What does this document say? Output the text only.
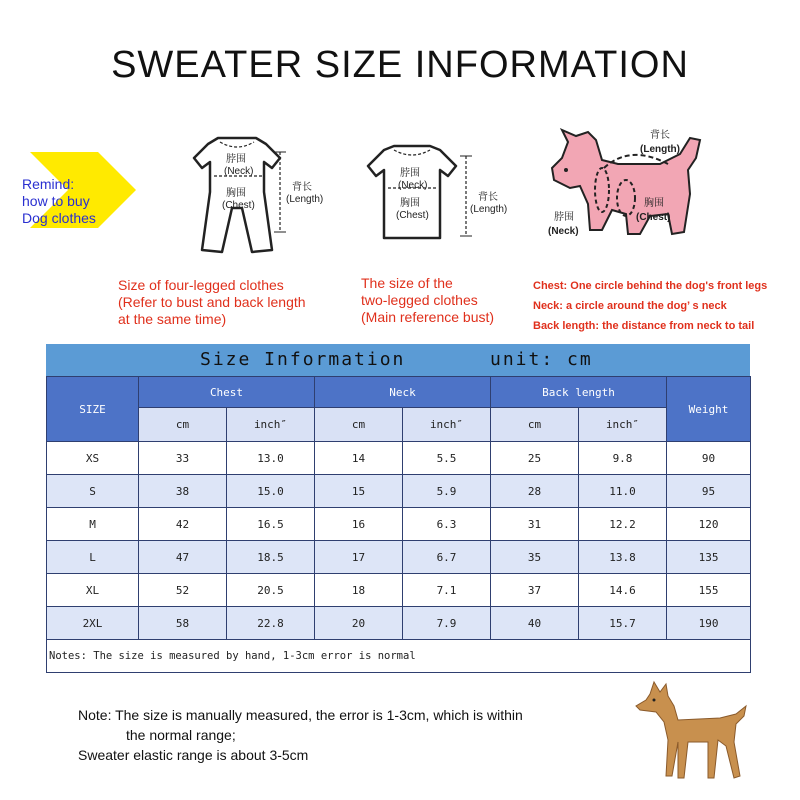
SWEATER SIZE INFORMATION
Remind:
how to buy
Dog clothes
脖围
(Neck)
胸围
(Chest)
背长
(Length)
脖围
(Neck)
胸围
(Chest)
背长
(Length)
背长
(Length)
脖围
(Neck)
胸围
(Chest)
Size of four-legged clothes
(Refer to bust and back length
at the same time)
The size of the
two-legged clothes
(Main reference bust)
Chest: One circle behind the dog's front legs
Neck: a circle around the dog’ s neck
Back length: the distance from neck to tail
Size Information	unit: cm
SIZE	Chest		Neck		Back length		Weight
	cm	inch″	cm	inch″	cm	inch″	
XS	33	13.0	14	5.5	25	9.8	90
S	38	15.0	15	5.9	28	11.0	95
M	42	16.5	16	6.3	31	12.2	120
L	47	18.5	17	6.7	35	13.8	135
XL	52	20.5	18	7.1	37	14.6	155
2XL	58	22.8	20	7.9	40	15.7	190
Notes: The size is measured by hand, 1-3cm error is normal							
Note: The size is manually measured, the error is 1-3cm, which is within
the normal range;
Sweater elastic range is about 3-5cm
